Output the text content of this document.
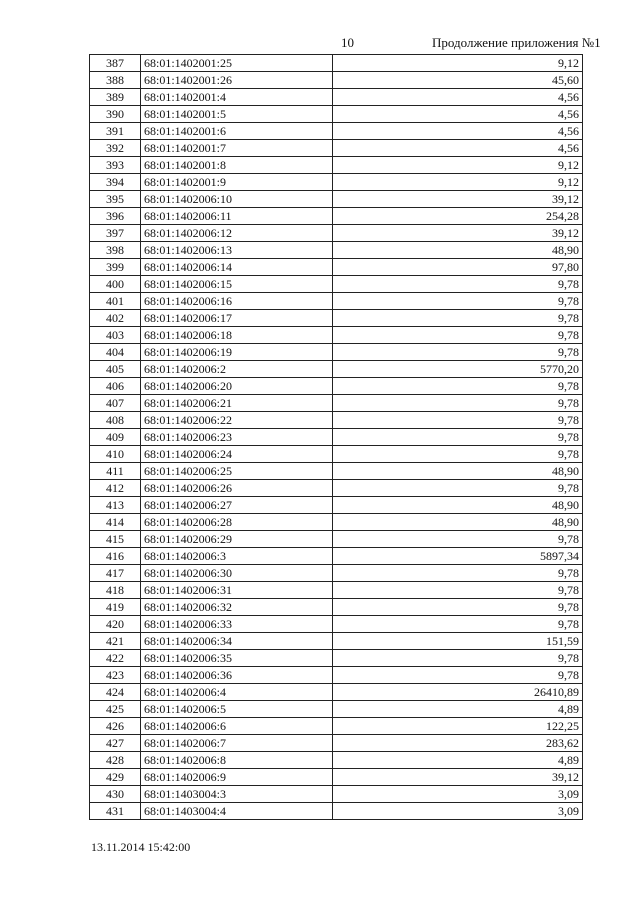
10	Продолжение приложения №1
387	68:01:1402001:25	9,12
388	68:01:1402001:26	45,60
389	68:01:1402001:4	4,56
390	68:01:1402001:5	4,56
391	68:01:1402001:6	4,56
392	68:01:1402001:7	4,56
393	68:01:1402001:8	9,12
394	68:01:1402001:9	9,12
395	68:01:1402006:10	39,12
396	68:01:1402006:11	254,28
397	68:01:1402006:12	39,12
398	68:01:1402006:13	48,90
399	68:01:1402006:14	97,80
400	68:01:1402006:15	9,78
401	68:01:1402006:16	9,78
402	68:01:1402006:17	9,78
403	68:01:1402006:18	9,78
404	68:01:1402006:19	9,78
405	68:01:1402006:2	5770,20
406	68:01:1402006:20	9,78
407	68:01:1402006:21	9,78
408	68:01:1402006:22	9,78
409	68:01:1402006:23	9,78
410	68:01:1402006:24	9,78
411	68:01:1402006:25	48,90
412	68:01:1402006:26	9,78
413	68:01:1402006:27	48,90
414	68:01:1402006:28	48,90
415	68:01:1402006:29	9,78
416	68:01:1402006:3	5897,34
417	68:01:1402006:30	9,78
418	68:01:1402006:31	9,78
419	68:01:1402006:32	9,78
420	68:01:1402006:33	9,78
421	68:01:1402006:34	151,59
422	68:01:1402006:35	9,78
423	68:01:1402006:36	9,78
424	68:01:1402006:4	26410,89
425	68:01:1402006:5	4,89
426	68:01:1402006:6	122,25
427	68:01:1402006:7	283,62
428	68:01:1402006:8	4,89
429	68:01:1402006:9	39,12
430	68:01:1403004:3	3,09
431	68:01:1403004:4	3,09
13.11.2014 15:42:00
